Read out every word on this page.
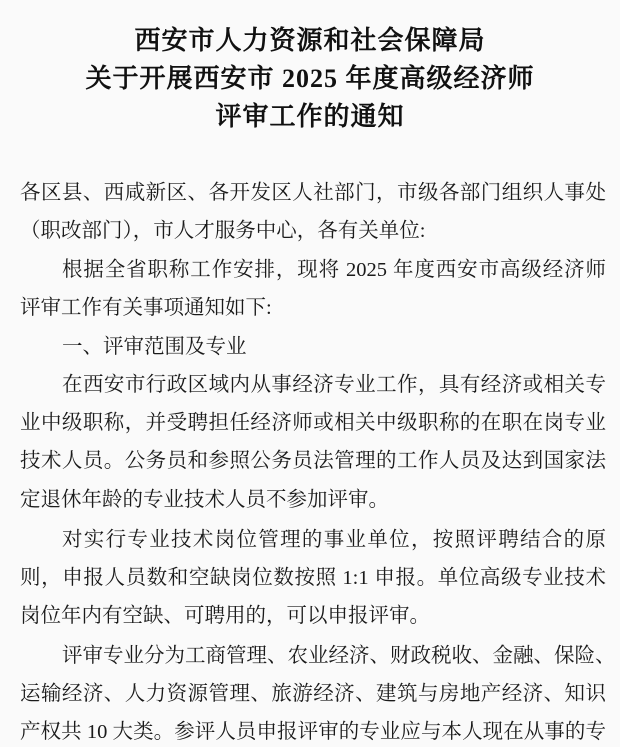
西安市人力资源和社会保障局
关于开展西安市 2025 年度高级经济师
评审工作的通知
各区县、西咸新区、各开发区人社部门，市级各部门组织人事处
（职改部门），市人才服务中心，各有关单位:
根据全省职称工作安排，现将 2025 年度西安市高级经济师
评审工作有关事项通知如下:
一、评审范围及专业
在西安市行政区域内从事经济专业工作，具有经济或相关专
业中级职称，并受聘担任经济师或相关中级职称的在职在岗专业
技术人员。公务员和参照公务员法管理的工作人员及达到国家法
定退休年龄的专业技术人员不参加评审。
对实行专业技术岗位管理的事业单位，按照评聘结合的原
则，申报人员数和空缺岗位数按照 1:1 申报。单位高级专业技术
岗位年内有空缺、可聘用的，可以申报评审。
评审专业分为工商管理、农业经济、财政税收、金融、保险、
运输经济、人力资源管理、旅游经济、建筑与房地产经济、知识
产权共 10 大类。参评人员申报评审的专业应与本人现在从事的专
